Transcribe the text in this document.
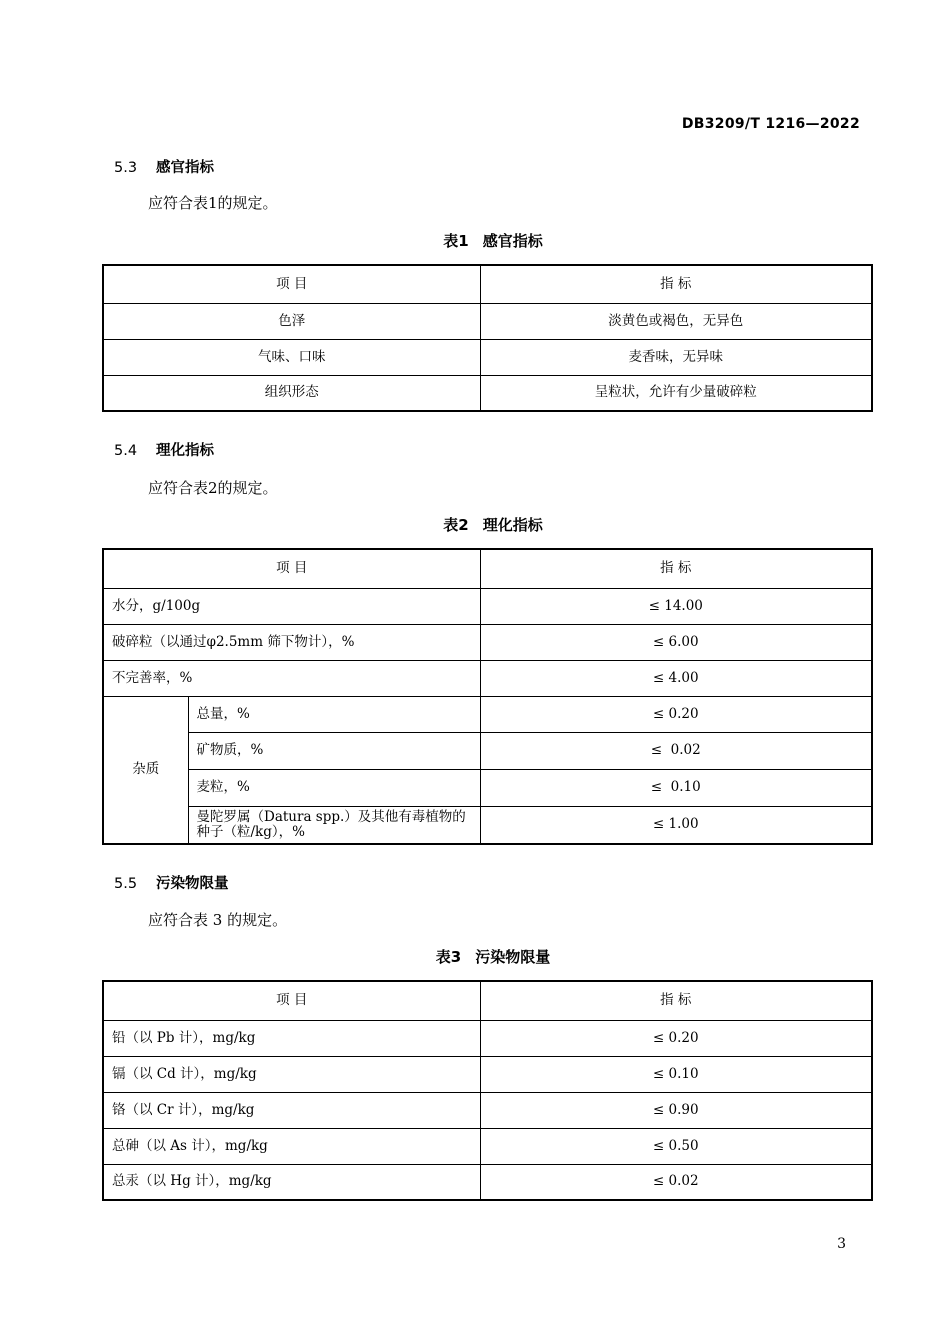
DB3209/T 1216—2022
5.3 感官指标
应符合表1的规定。
表1 感官指标
项 目	指 标
色泽	淡黄色或褐色，无异色
气味、口味	麦香味，无异味
组织形态	呈粒状，允许有少量破碎粒
5.4 理化指标
应符合表2的规定。
表2 理化指标
项 目		指 标
水分，g/100g		≤ 14.00
破碎粒（以通过φ2.5mm 筛下物计），%		≤ 6.00
不完善率，%		≤ 4.00
杂质	总量，%	≤ 0.20
	矿物质，%	≤  0.02
	麦粒，%	≤  0.10
	曼陀罗属（Datura spp.）及其他有毒植物的种子（粒/kg），%	≤ 1.00
5.5 污染物限量
应符合表 3 的规定。
表3 污染物限量
项 目	指 标
铅（以 Pb 计），mg/kg	≤ 0.20
镉（以 Cd 计），mg/kg	≤ 0.10
铬（以 Cr 计），mg/kg	≤ 0.90
总砷（以 As 计），mg/kg	≤ 0.50
总汞（以 Hg 计），mg/kg	≤ 0.02
3
